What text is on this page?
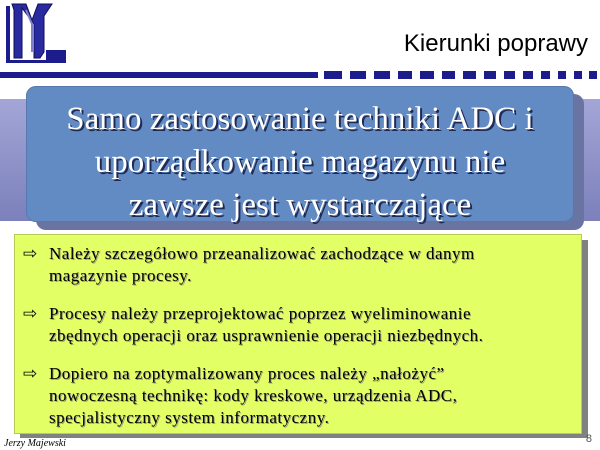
Kierunki poprawy
Samo zastosowanie techniki ADC i
uporządkowanie magazynu nie
zawsze jest wystarczające
⇨ Należy szczegółowo przeanalizować zachodzące w danym
magazynie procesy.
⇨ Procesy należy przeprojektować poprzez wyeliminowanie
zbędnych operacji oraz usprawnienie operacji niezbędnych.
⇨ Dopiero na zoptymalizowany proces należy „nałożyć”
nowoczesną technikę: kody kreskowe, urządzenia ADC,
specjalistyczny system informatyczny.
Jerzy Majewski	8
